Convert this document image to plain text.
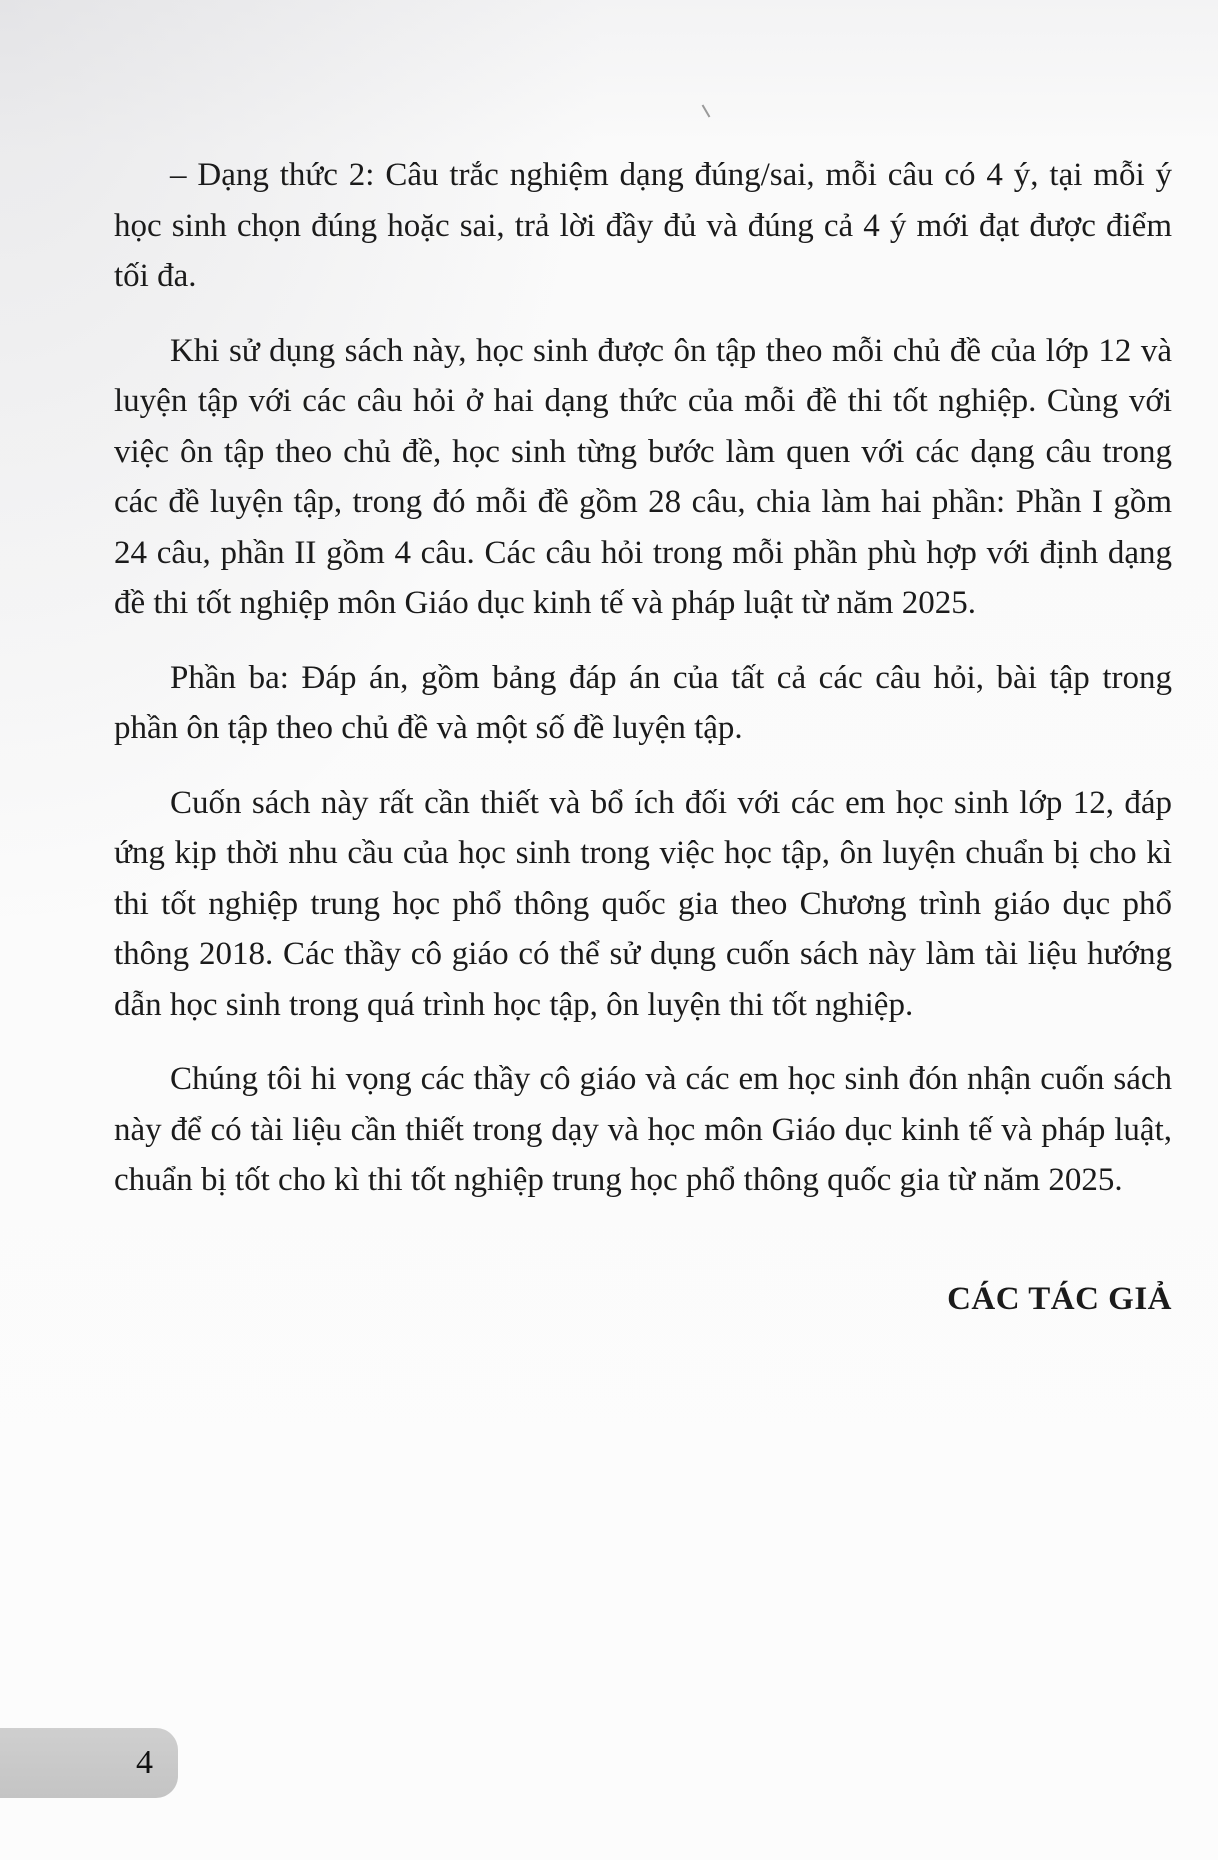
– Dạng thức 2: Câu trắc nghiệm dạng đúng/sai, mỗi câu có 4 ý, tại mỗi ý học sinh chọn đúng hoặc sai, trả lời đầy đủ và đúng cả 4 ý mới đạt được điểm tối đa.

Khi sử dụng sách này, học sinh được ôn tập theo mỗi chủ đề của lớp 12 và luyện tập với các câu hỏi ở hai dạng thức của mỗi đề thi tốt nghiệp. Cùng với việc ôn tập theo chủ đề, học sinh từng bước làm quen với các dạng câu trong các đề luyện tập, trong đó mỗi đề gồm 28 câu, chia làm hai phần: Phần I gồm 24 câu, phần II gồm 4 câu. Các câu hỏi trong mỗi phần phù hợp với định dạng đề thi tốt nghiệp môn Giáo dục kinh tế và pháp luật từ năm 2025.

Phần ba: Đáp án, gồm bảng đáp án của tất cả các câu hỏi, bài tập trong phần ôn tập theo chủ đề và một số đề luyện tập.

Cuốn sách này rất cần thiết và bổ ích đối với các em học sinh lớp 12, đáp ứng kịp thời nhu cầu của học sinh trong việc học tập, ôn luyện chuẩn bị cho kì thi tốt nghiệp trung học phổ thông quốc gia theo Chương trình giáo dục phổ thông 2018. Các thầy cô giáo có thể sử dụng cuốn sách này làm tài liệu hướng dẫn học sinh trong quá trình học tập, ôn luyện thi tốt nghiệp.

Chúng tôi hi vọng các thầy cô giáo và các em học sinh đón nhận cuốn sách này để có tài liệu cần thiết trong dạy và học môn Giáo dục kinh tế và pháp luật, chuẩn bị tốt cho kì thi tốt nghiệp trung học phổ thông quốc gia từ năm 2025.

CÁC TÁC GIẢ
4
